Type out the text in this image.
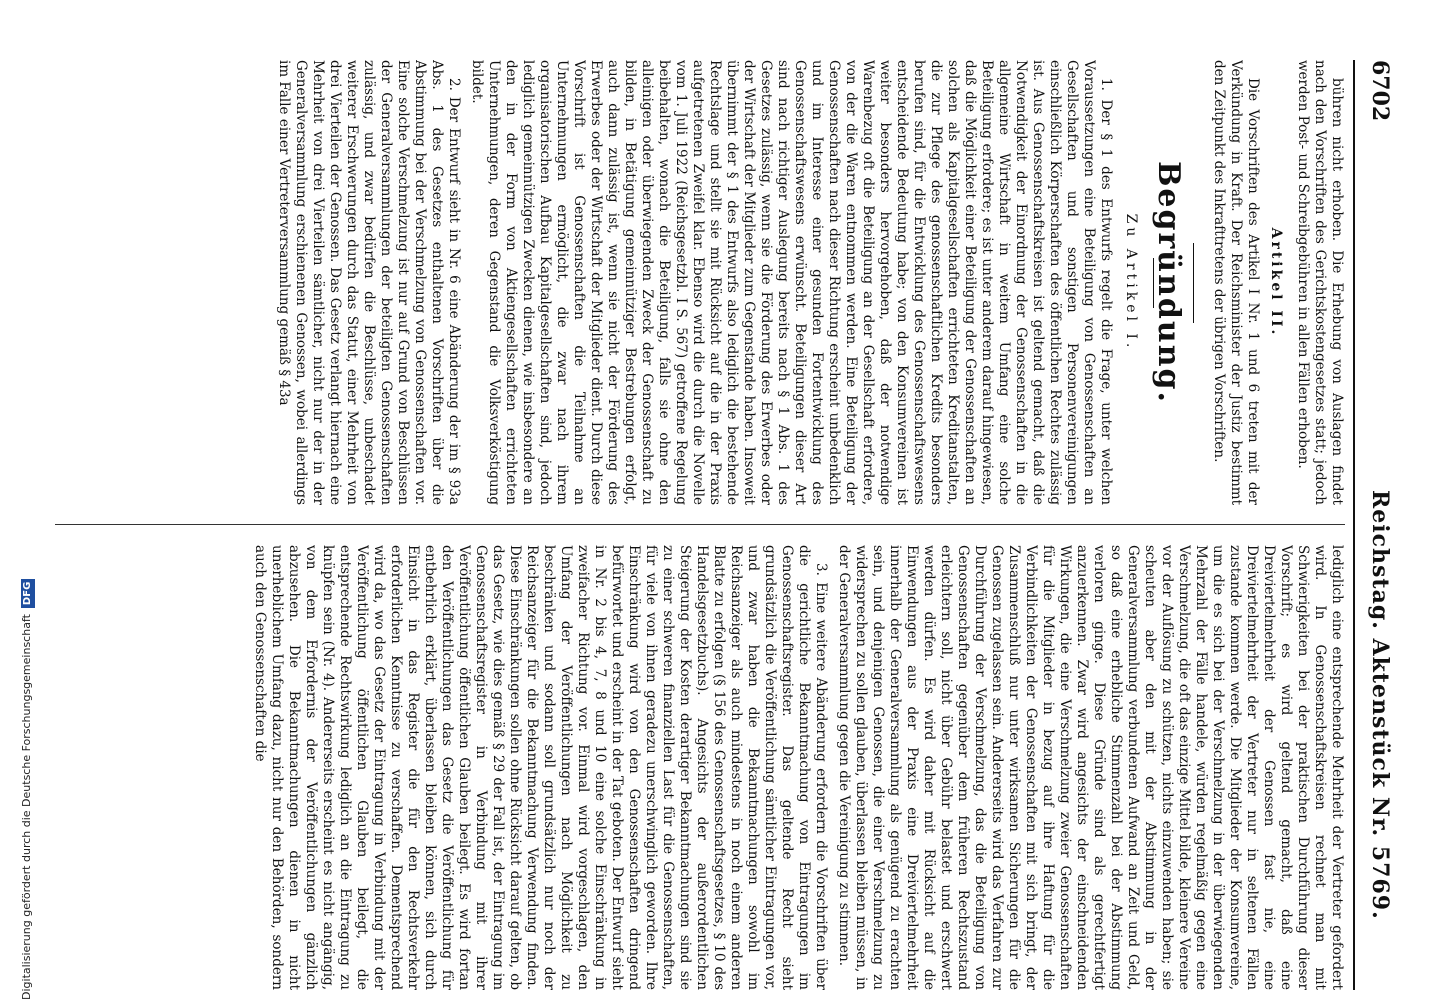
Digitalisierung gefördert durch die Deutsche ForschungsgemeinschaftDFG
6702
Reichstag. Aktenstück Nr. 5769.

bühren nicht erhoben. Die Erhebung von Auslagen findet nach den Vorschriften des Gerichtskostengesetzes statt; jedoch werden Post- und Schreibgebühren in allen Fällen erhoben.

Artikel II.

Die Vorschriften des Artikel I Nr. 1 und 6 treten mit der Verkündung in Kraft. Der Reichsminister der Justiz bestimmt den Zeitpunkt des Inkrafttretens der übrigen Vorschriften.

Begründung.
Zu Artikel I.

1. Der § 1 des Entwurfs regelt die Frage, unter welchen Voraussetzungen eine Beteiligung von Genossenschaften an Gesellschaften und sonstigen Personenvereinigungen einschließlich Körperschaften des öffentlichen Rechtes zulässig ist. Aus Genossenschaftskreisen ist geltend gemacht, daß die Notwendigkeit der Einordnung der Genossenschaften in die allgemeine Wirtschaft in weitem Umfang eine solche Beteiligung erfordere; es ist unter anderem darauf hingewiesen, daß die Möglichkeit einer Beteiligung der Genossenschaften an solchen als Kapitalgesellschaften errichteten Kreditanstalten, die zur Pflege des genossenschaftlichen Kredits besonders berufen sind, für die Entwicklung des Genossenschaftswesens entscheidende Bedeutung habe; von den Konsumvereinen ist weiter besonders hervorgehoben, daß der notwendige Warenbezug oft die Beteiligung an der Gesellschaft erfordere, von der die Waren entnommen werden. Eine Beteiligung der Genossenschaften nach dieser Richtung erscheint unbedenklich und im Interesse einer gesunden Fortentwicklung des Genossenschaftswesens erwünscht. Beteiligungen dieser Art sind nach richtiger Auslegung bereits nach § 1 Abs. 1 des Gesetzes zulässig, wenn sie die Förderung des Erwerbes oder der Wirtschaft der Mitglieder zum Gegenstande haben. Insoweit übernimmt der § 1 des Entwurfs also lediglich die bestehende Rechtslage und stellt sie mit Rücksicht auf die in der Praxis aufgetretenen Zweifel klar. Ebenso wird die durch die Novelle vom 1. Juli 1922 (Reichsgesetzbl. I S. 567) getroffene Regelung beibehalten, wonach die Beteiligung, falls sie ohne den alleinigen oder überwiegenden Zweck der Genossenschaft zu bilden, in Betätigung gemeinnütziger Bestrebungen erfolgt, auch dann zulässig ist, wenn sie nicht der Förderung des Erwerbes oder der Wirtschaft der Mitglieder dient. Durch diese Vorschrift ist Genossenschaften die Teilnahme an Unternehmungen ermöglicht, die zwar nach ihrem organisatorischen Aufbau Kapitalgesellschaften sind, jedoch lediglich gemeinnützigen Zwecken dienen, wie insbesondere an den in der Form von Aktiengesellschaften errichteten Unternehmungen, deren Gegenstand die Volksverköstigung bildet.

2. Der Entwurf sieht in Nr. 6 eine Abänderung der im § 93a Abs. 1 des Gesetzes enthaltenen Vorschriften über die Abstimmung bei der Verschmelzung von Genossenschaften vor. Eine solche Verschmelzung ist nur auf Grund von Beschlüssen der Generalversammlungen der beteiligten Genossenschaften zulässig, und zwar bedürfen die Beschlüsse, unbeschadet weiterer Erschwerungen durch das Statut, einer Mehrheit von drei Vierteilen der Genossen. Das Gesetz verlangt hiernach eine Mehrheit von drei Vierteilen sämtlicher, nicht nur der in der Generalversammlung erschienenen Genossen, wobei allerdings im Falle einer Vertreterversammlung gemäß § 43a

lediglich eine entsprechende Mehrheit der Vertreter gefordert wird. In Genossenschaftskreisen rechnet man mit Schwierigkeiten bei der praktischen Durchführung dieser Vorschrift; es wird geltend gemacht, daß eine Dreiviertelmehrheit der Genossen fast nie, eine Dreiviertelmehrheit der Vertreter nur in seltenen Fällen zustande kommen werde. Die Mitglieder der Konsumvereine, um die es sich bei der Verschmelzung in der überwiegenden Mehrzahl der Fälle handele, würden regelmäßig gegen eine Verschmelzung, die oft das einzige Mittel bilde, kleinere Vereine vor der Auflösung zu schützen, nichts einzuwenden haben; sie scheuten aber den mit der Abstimmung in der Generalversammlung verbundenen Aufwand an Zeit und Geld, so daß eine erhebliche Stimmenzahl bei der Abstimmung verloren ginge. Diese Gründe sind als gerechtfertigt anzuerkennen. Zwar wird angesichts der einschneidenden Wirkungen, die eine Verschmelzung zweier Genossenschaften für die Mitglieder in bezug auf ihre Haftung für die Verbindlichkeiten der Genossenschaften mit sich bringt, der Zusammenschluß nur unter wirksamen Sicherungen für die Genossen zugelassen sein. Andererseits wird das Verfahren zur Durchführung der Verschmelzung, das die Beteiligung von Genossenschaften gegenüber dem früheren Rechtszustand erleichtern soll, nicht über Gebühr belastet und erschwert werden dürfen. Es wird daher mit Rücksicht auf die Einwendungen aus der Praxis eine Dreiviertelmehrheit innerhalb der Generalversammlung als genügend zu erachten sein, und denjenigen Genossen, die einer Verschmelzung zu widersprechen zu sollen glauben, überlassen bleiben müssen, in der Generalversammlung gegen die Vereinigung zu stimmen.

3. Eine weitere Abänderung erfordern die Vorschriften über die gerichtliche Bekanntmachung von Eintragungen im Genossenschaftsregister. Das geltende Recht sieht grundsätzlich die Veröffentlichung sämtlicher Eintragungen vor, und zwar haben die Bekanntmachungen sowohl im Reichsanzeiger als auch mindestens in noch einem anderen Blatte zu erfolgen (§ 156 des Genossenschaftsgesetzes, § 10 des Handelsgesetzbuchs). Angesichts der außerordentlichen Steigerung der Kosten derartiger Bekanntmachungen sind sie zu einer schweren finanziellen Last für die Genossenschaften, für viele von ihnen geradezu unerschwinglich geworden. Ihre Einschränkung wird von den Genossenschaften dringend befürwortet und erscheint in der Tat geboten. Der Entwurf sieht in Nr. 2 bis 4, 7, 8 und 10 eine solche Einschränkung in zweifacher Richtung vor. Einmal wird vorgeschlagen, den Umfang der Veröffentlichungen nach Möglichkeit zu beschränken und sodann soll grundsätzlich nur noch der Reichsanzeiger für die Bekanntmachung Verwendung finden. Diese Einschränkungen sollen ohne Rücksicht darauf gelten, ob das Gesetz, wie dies gemäß § 29 der Fall ist, der Eintragung im Genossenschaftsregister in Verbindung mit ihrer Veröffentlichung öffentlichen Glauben beilegt. Es wird fortan den Veröffentlichungen das Gesetz die Veröffentlichung für entbehrlich erklärt, überlassen bleiben können, sich durch Einsicht in das Register die für den Rechtsverkehr erforderlichen Kenntnisse zu verschaffen. Dementsprechend wird da, wo das Gesetz der Eintragung in Verbindung mit der Veröffentlichung öffentlichen Glauben beilegt, die entsprechende Rechtswirkung lediglich an die Eintragung zu knüpfen sein (Nr. 4). Andererseits erscheint es nicht angängig, von dem Erfordernis der Veröffentlichungen gänzlich abzusehen. Die Bekanntmachungen dienen in nicht unerheblichem Umfang dazu, nicht nur den Behörden, sondern auch den Genossenschaften die
